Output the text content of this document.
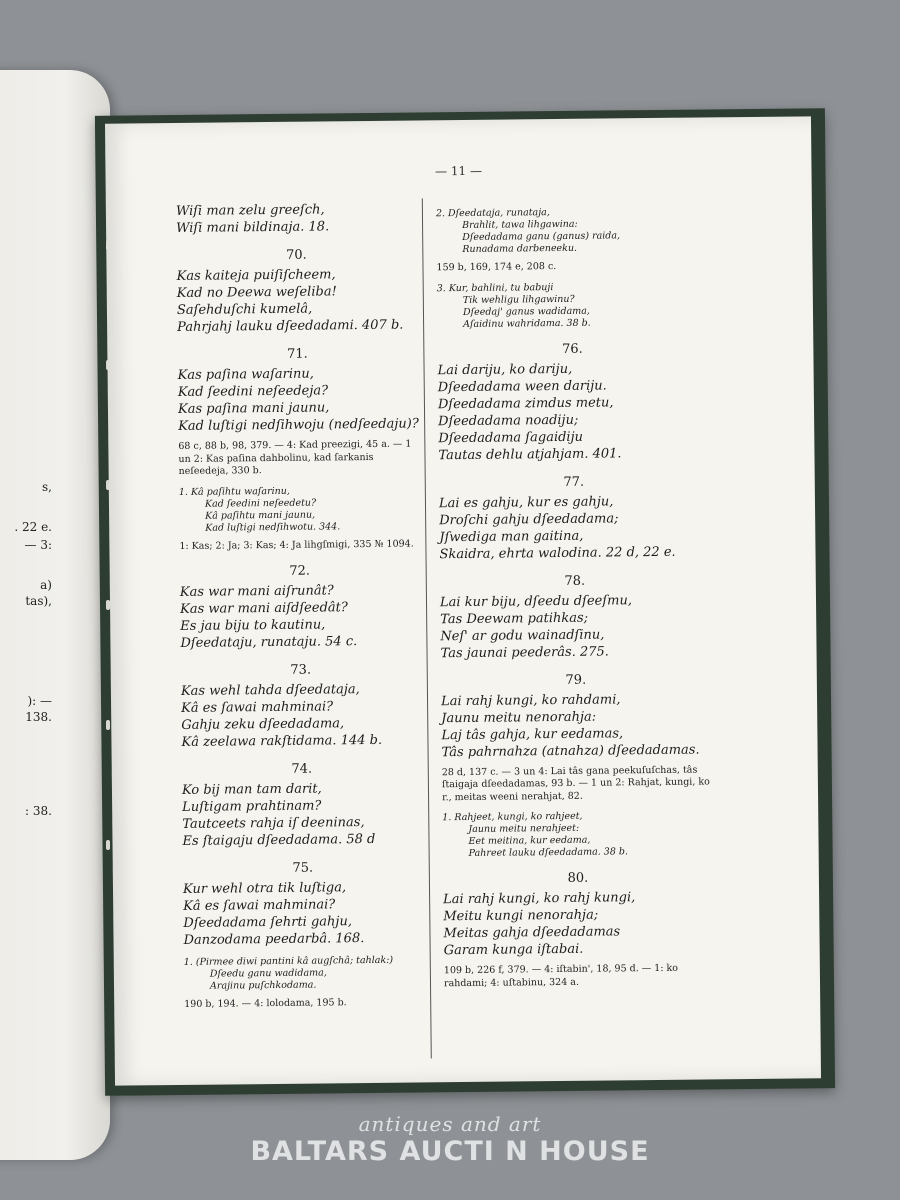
s,
. 22 e.
— 3:
a)
tas),
): —
138.
: 38.
— 11 —
Wiſi man zelu greeſch,
Wiſi mani bildinaja. 18.
70.
Kas kaiteja puiſiſcheem,
Kad no Deewa weſeliba!
Saſehduſchi kumelâ,
Pahrjahj lauku dſeedadami. 407 b.
71.
Kas paſina waſarinu,
Kad ſeedini neſeedeja?
Kas paſina mani jaunu,
Kad luſtigi nedſihwoju (nedſeedaju)?
68 c, 88 b, 98, 379. — 4: Kad preezigi, 45 a. — 1 un 2: Kas paſina dahbolinu, kad ſarkanis neſeedeja, 330 b.
1. Kâ paſihtu waſarinu,
Kad ſeedini neſeedetu?
Kâ paſihtu mani jaunu,
Kad luſtigi nedſihwotu. 344.
1: Kas; 2: Ja; 3: Kas; 4: Ja lihgſmigi, 335 № 1094.
72.
Kas war mani aiſrunât?
Kas war mani aiſdſeedât?
Es jau biju to kautinu,
Dſeedataju, runataju. 54 c.
73.
Kas wehl tahda dſeedataja,
Kâ es ſawai mahminai?
Gahju zeku dſeedadama,
Kâ zeelawa rakſtidama. 144 b.
74.
Ko bij man tam darit,
Luſtigam prahtinam?
Tautceets rahja iſ deeninas,
Es ſtaigaju dſeedadama. 58 d
75.
Kur wehl otra tik luſtiga,
Kâ es ſawai mahminai?
Dſeedadama ſehrti gahju,
Danzodama peedarbâ. 168.
1. (Pirmee diwi pantini kâ augſchâ; tahlak:)
Dſeedu ganu wadidama,
Arajinu puſchkodama.
190 b, 194. — 4: lolodama, 195 b.
2. Dſeedataja, runataja,
Brahlit, tawa lihgawina:
Dſeedadama ganu (ganus) raida,
Runadama darbeneeku.
159 b, 169, 174 e, 208 c.
3. Kur, bahlini, tu babuji
Tik wehligu lihgawinu?
Dſeedaj' ganus wadidama,
Aſaidinu wahridama. 38 b.
76.
Lai dariju, ko dariju,
Dſeedadama ween dariju.
Dſeedadama zimdus metu,
Dſeedadama noadiju;
Dſeedadama ſagaidiju
Tautas dehlu atjahjam. 401.
77.
Lai es gahju, kur es gahju,
Droſchi gahju dſeedadama;
Jſwediga man gaitina,
Skaidra, ehrta walodina. 22 d, 22 e.
78.
Lai kur biju, dſeedu dſeeſmu,
Tas Deewam patihkas;
Neſ' ar godu wainadſinu,
Tas jaunai peederâs. 275.
79.
Lai rahj kungi, ko rahdami,
Jaunu meitu nenorahja:
Laj tâs gahja, kur eedamas,
Tâs pahrnahza (atnahza) dſeedadamas.
28 d, 137 c. — 3 un 4: Lai tâs gana peekuſuſchas, tâs ſtaigaja dſeedadamas, 93 b. — 1 un 2: Rahjat, kungi, ko r., meitas weeni nerahjat, 82.
1. Rahjeet, kungi, ko rahjeet,
Jaunu meitu nerahjeet:
Eet meitina, kur eedama,
Pahreet lauku dſeedadama. 38 b.
80.
Lai rahj kungi, ko rahj kungi,
Meitu kungi nenorahja;
Meitas gahja dſeedadamas
Garam kunga iſtabai.
109 b, 226 f, 379. — 4: iſtabin', 18, 95 d. — 1: ko rahdami; 4: uſtabinu, 324 a.
antiques and art
BALTARS AUCTI N HOUSE
